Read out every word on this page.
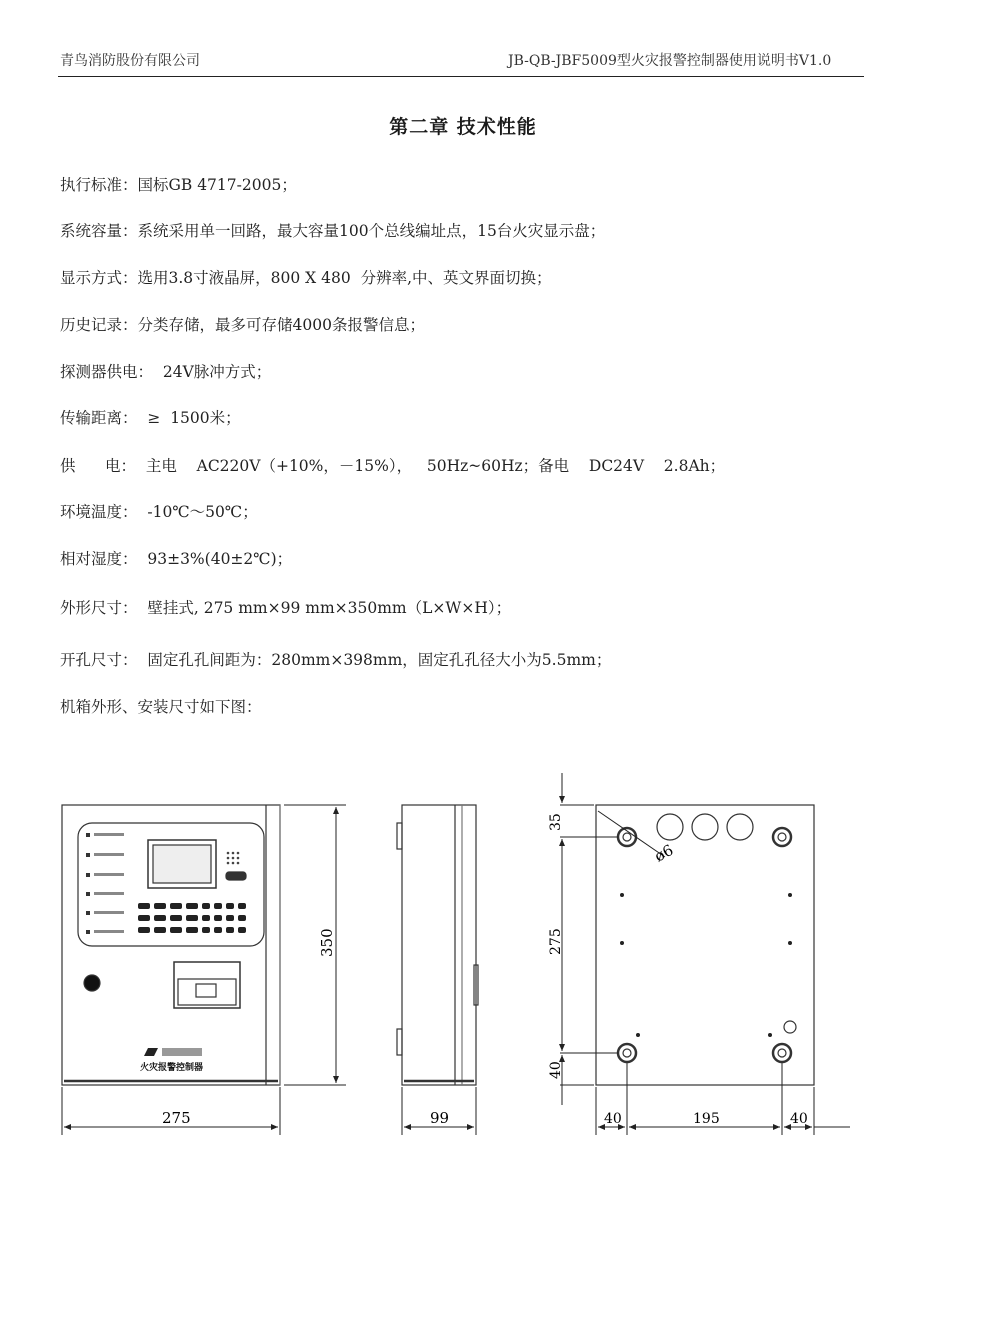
青鸟消防股份有限公司	JB-QB-JBF5009型火灾报警控制器使用说明书V1.0
第二章 技术性能
执行标准：国标GB 4717-2005；
系统容量：系统采用单一回路，最大容量100个总线编址点，15台火灾显示盘；
显示方式：选用3.8寸液晶屏，800 X 480  分辨率,中、英文界面切换；
历史记录：分类存储，最多可存储4000条报警信息；
探测器供电：  24V脉冲方式；
传输距离：  ≥  1500米；
供      电：  主电    AC220V（+10%，－15%），   50Hz~60Hz；备电    DC24V    2.8Ah；
环境温度：  -10℃～50℃；
相对湿度：  93±3%(40±2℃)；
外形尺寸：  壁挂式, 275 mm×99 mm×350mm（L×W×H）；
开孔尺寸：  固定孔孔间距为：280mm×398mm，固定孔孔径大小为5.5mm；
机箱外形、安装尺寸如下图：
火灾报警控制器
275
350
99
ø6
35
275
40
40	195	40
